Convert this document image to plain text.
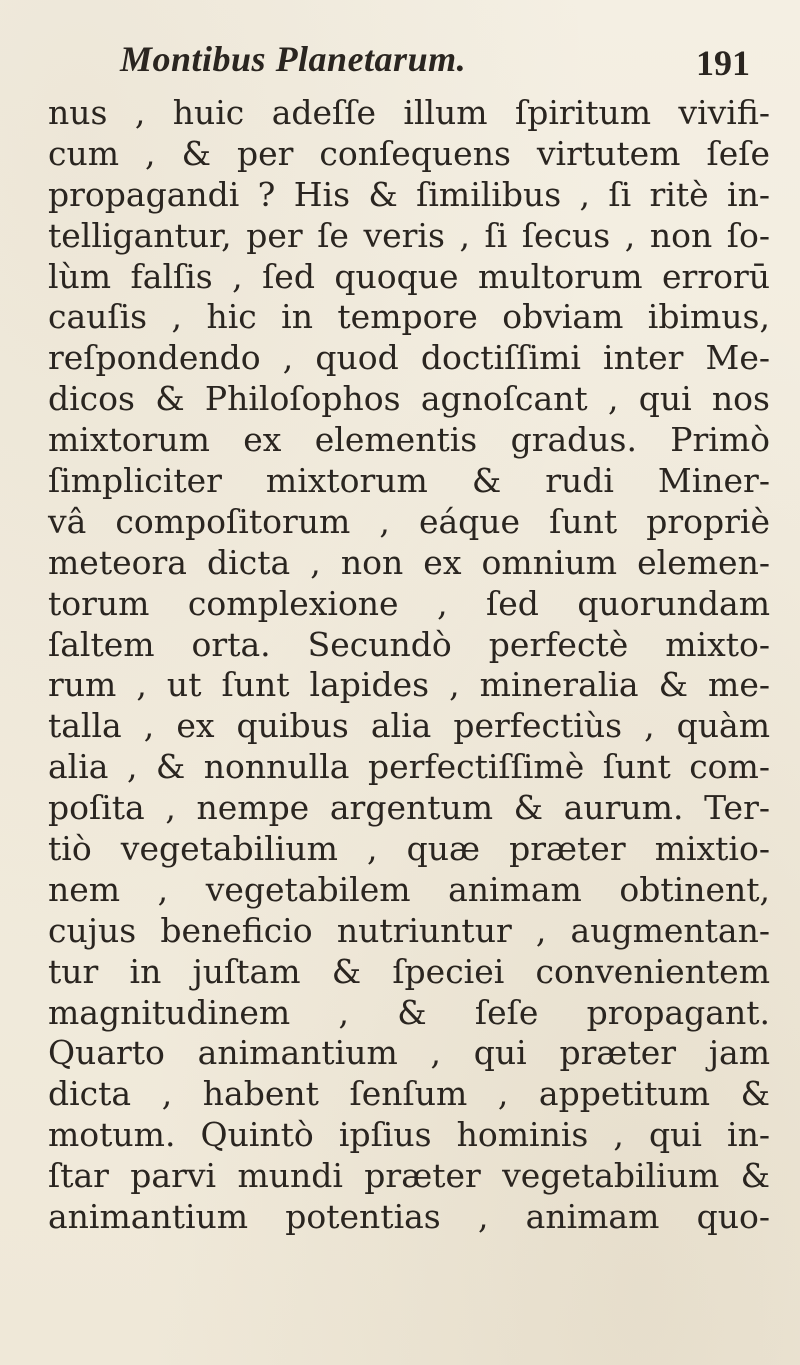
Montibus Planetarum.	191
nus , huic adeſſe illum ſpiritum vivifi-
cum , & per conſequens virtutem ſeſe
propagandi ? His & ſimilibus , ſi ritè in-
telligantur, per ſe veris , ſi ſecus , non ſo-
lùm falſis , ſed quoque multorum errorū
cauſis , hic in tempore obviam ibimus,
reſpondendo , quod doctiſſimi inter Me-
dicos & Philoſophos agnoſcant , qui nos
mixtorum ex elementis gradus. Primò
ſimpliciter mixtorum & rudi Miner-
vâ compoſitorum , eáque ſunt propriè
meteora dicta , non ex omnium elemen-
torum complexione , ſed quorundam
ſaltem orta. Secundò perfectè mixto-
rum , ut ſunt lapides , mineralia & me-
talla , ex quibus alia perfectiùs , quàm
alia , & nonnulla perfectiſſimè ſunt com-
poſita , nempe argentum & aurum. Ter-
tiò vegetabilium , quæ præter mixtio-
nem , vegetabilem animam obtinent,
cujus beneficio nutriuntur , augmentan-
tur in juſtam & ſpeciei convenientem
magnitudinem , & ſeſe propagant.
Quarto animantium , qui præter jam
dicta , habent ſenſum , appetitum &
motum. Quintò ipſius hominis , qui in-
ſtar parvi mundi præter vegetabilium &
animantium potentias , animam quo-
